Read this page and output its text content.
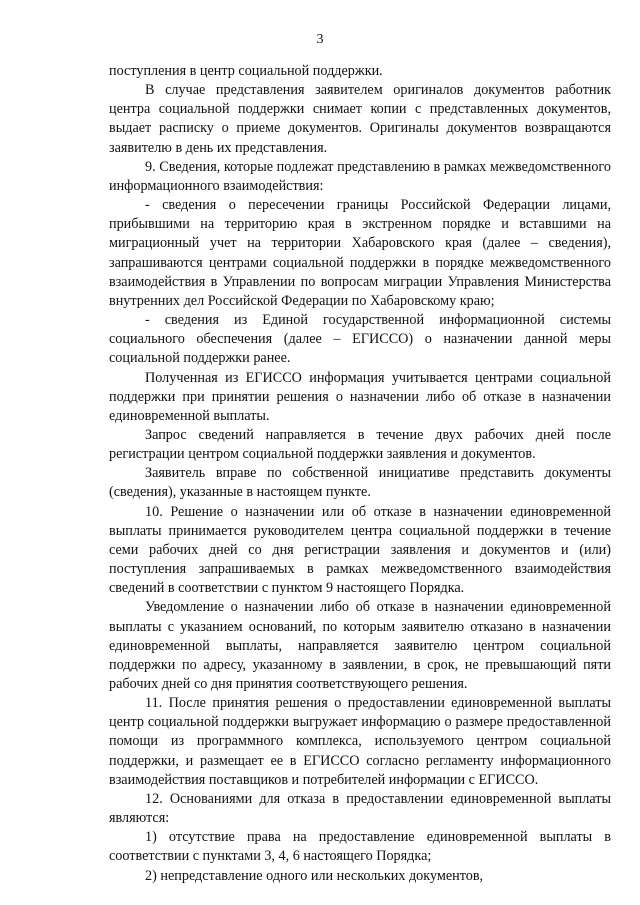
3

поступления в центр социальной поддержки.

В случае представления заявителем оригиналов документов работник центра социальной поддержки снимает копии с представленных документов, выдает расписку о приеме документов. Оригиналы документов возвращаются заявителю в день их представления.

9. Сведения, которые подлежат представлению в рамках межведомственного информационного взаимодействия:

- сведения о пересечении границы Российской Федерации лицами, прибывшими на территорию края в экстренном порядке и вставшими на миграционный учет на территории Хабаровского края (далее – сведения), запрашиваются центрами социальной поддержки в порядке межведомственного взаимодействия в Управлении по вопросам миграции Управления Министерства внутренних дел Российской Федерации по Хабаровскому краю;

- сведения из Единой государственной информационной системы социального обеспечения (далее – ЕГИССО) о назначении данной меры социальной поддержки ранее.

Полученная из ЕГИССО информация учитывается центрами социальной поддержки при принятии решения о назначении либо об отказе в назначении единовременной выплаты.

Запрос сведений направляется в течение двух рабочих дней после регистрации центром социальной поддержки заявления и документов.

Заявитель вправе по собственной инициативе представить документы (сведения), указанные в настоящем пункте.

10. Решение о назначении или об отказе в назначении единовременной выплаты принимается руководителем центра социальной поддержки в течение семи рабочих дней со дня регистрации заявления и документов и (или) поступления запрашиваемых в рамках межведомственного взаимодействия сведений в соответствии с пунктом 9 настоящего Порядка.

Уведомление о назначении либо об отказе в назначении единовременной выплаты с указанием оснований, по которым заявителю отказано в назначении единовременной выплаты, направляется заявителю центром социальной поддержки по адресу, указанному в заявлении, в срок, не превышающий пяти рабочих дней со дня принятия соответствующего решения.

11. После принятия решения о предоставлении единовременной выплаты центр социальной поддержки выгружает информацию о размере предоставленной помощи из программного комплекса, используемого центром социальной поддержки, и размещает ее в ЕГИССО согласно регламенту информационного взаимодействия поставщиков и потребителей информации с ЕГИССО.

12. Основаниями для отказа в предоставлении единовременной выплаты являются:

1) отсутствие права на предоставление единовременной выплаты в соответствии с пунктами 3, 4, 6 настоящего Порядка;

2) непредставление одного или нескольких документов,
